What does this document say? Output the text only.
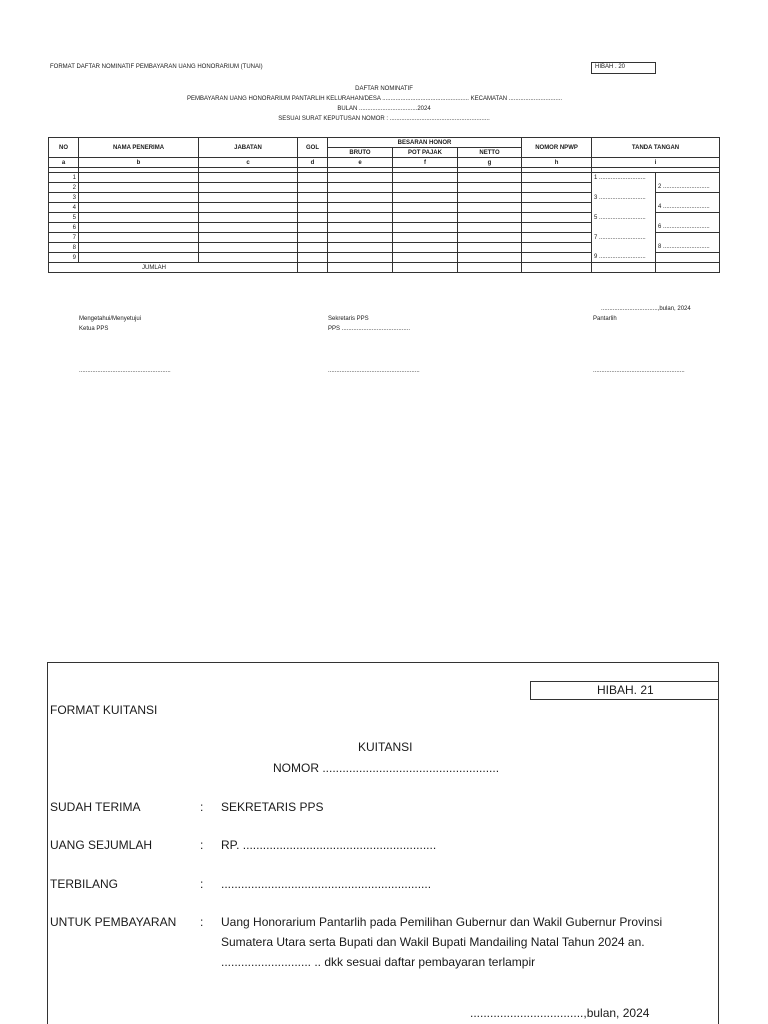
FORMAT DAFTAR NOMINATIF PEMBAYARAN UANG HONORARIUM (TUNAI)	HIBAH . 20
DAFTAR NOMINATIF
PEMBAYARAN UANG HONORARIUM PANTARLIH KELURAHAN/DESA .................................................... KECAMATAN ................................
BULAN ...................................2024
SESUAI SURAT KEPUTUSAN NOMOR : ............................................................
NO	NAMA PENERIMA	JABATAN	GOL	BESARAN HONOR			NOMOR NPWP	TANDA TANGAN	
				BRUTO	POT PAJAK	NETTO			
a	b	c	d	e	f	g	h	i	

1								1 ............................	
2									2 ............................
3								3 ............................	
4									4 ............................
5								5 ............................	
6									6 ............................
7								7 ............................	
8									8 ............................
9								9 ............................	
JUMLAH									
..................................,bulan, 2024
Mengetahui/Menyetujui
Ketua PPS
Sekretaris PPS
PPS .........................................
Pantarlih
.......................................................	.......................................................	.......................................................
HIBAH. 21
FORMAT KUITANSI
KUITANSI
NOMOR .....................................................
SUDAH TERIMA	: SEKRETARIS PPS
UANG SEJUMLAH	: RP. ..........................................................
TERBILANG	: ...............................................................
UNTUK PEMBAYARAN : Uang Honorarium Pantarlih pada Pemilihan Gubernur dan Wakil Gubernur Provinsi
Sumatera Utara serta Bupati dan Wakil Bupati Mandailing Natal Tahun 2024 an.
........................... .. dkk sesuai daftar pembayaran terlampir
..................................,bulan, 2024
